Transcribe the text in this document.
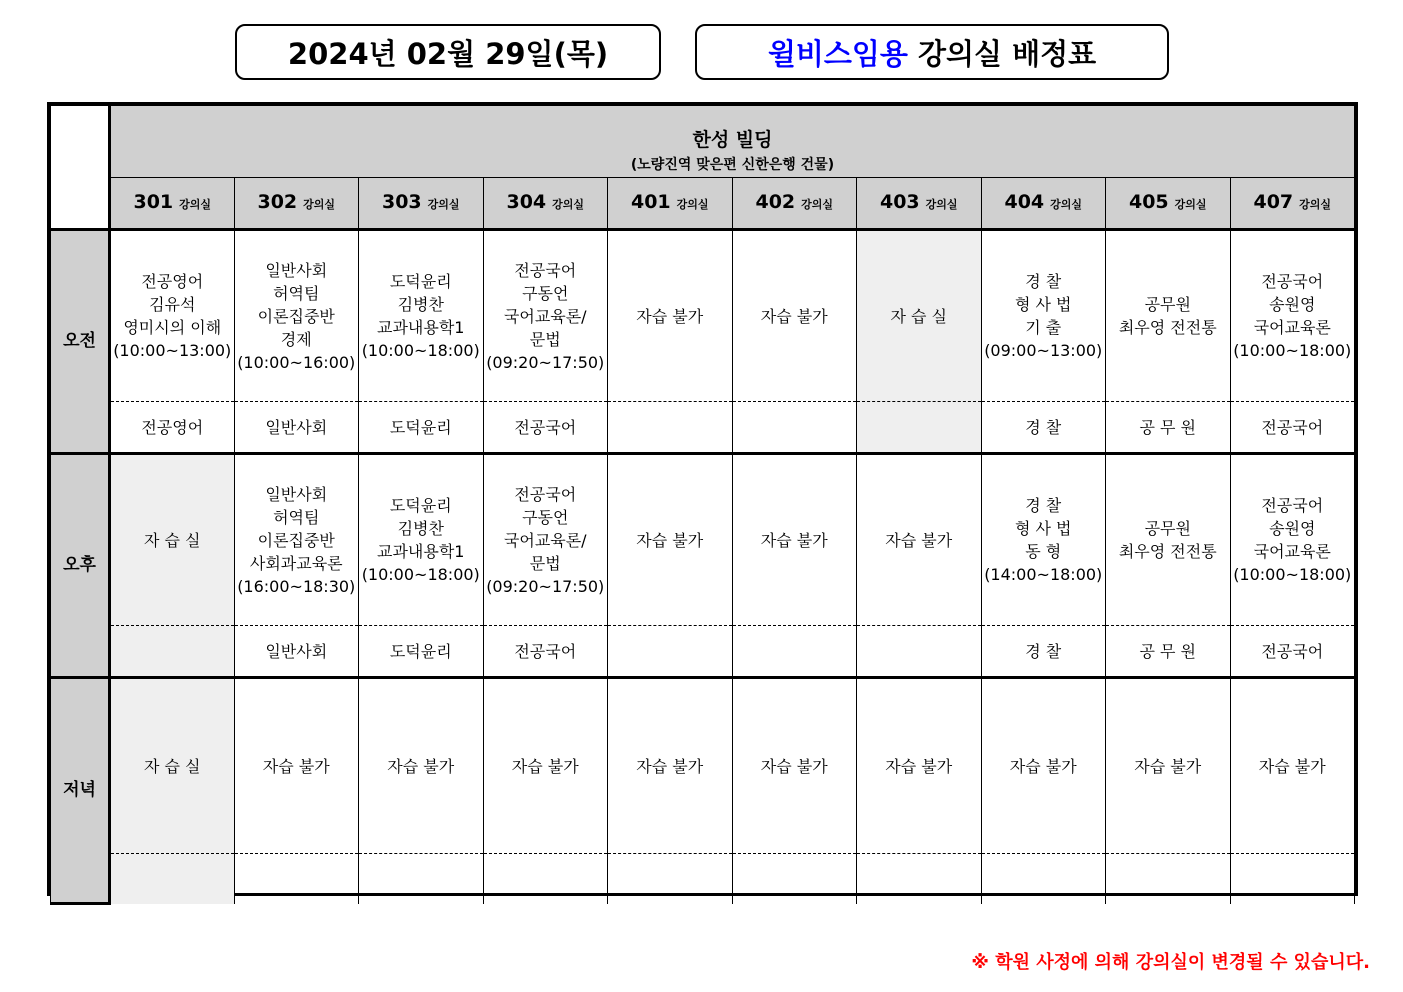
2024년 02월 29일(목)	윌비스임용 강의실 배정표

한성 빌딩
(노량진역 맞은편 신한은행 건물)									

	301 강의실	302 강의실	303 강의실	304 강의실	401 강의실	402 강의실	403 강의실	404 강의실	405 강의실	407 강의실
오전	전공영어
김유석
영미시의 이해
(10:00~13:00)	일반사회
허역팀
이론집중반
경제
(10:00~16:00)	도덕윤리
김병찬
교과내용학1
(10:00~18:00)	전공국어
구동언
국어교육론/
문법
(09:20~17:50)	자습 불가	자습 불가	자 습 실	경 찰
형 사 법
기 출
(09:00~13:00)	공무원
최우영 전전통	전공국어
송원영
국어교육론
(10:00~18:00)
	전공영어	일반사회	도덕윤리	전공국어				경 찰	공 무 원	전공국어
오후	자 습 실	일반사회
허역팀
이론집중반
사회과교육론
(16:00~18:30)	도덕윤리
김병찬
교과내용학1
(10:00~18:00)	전공국어
구동언
국어교육론/
문법
(09:20~17:50)	자습 불가	자습 불가	자습 불가	경 찰
형 사 법
동 형
(14:00~18:00)	공무원
최우영 전전통	전공국어
송원영
국어교육론
(10:00~18:00)
		일반사회	도덕윤리	전공국어				경 찰	공 무 원	전공국어
저녁	자 습 실	자습 불가	자습 불가	자습 불가	자습 불가	자습 불가	자습 불가	자습 불가	자습 불가	자습 불가

※ 학원 사정에 의해 강의실이 변경될 수 있습니다.
